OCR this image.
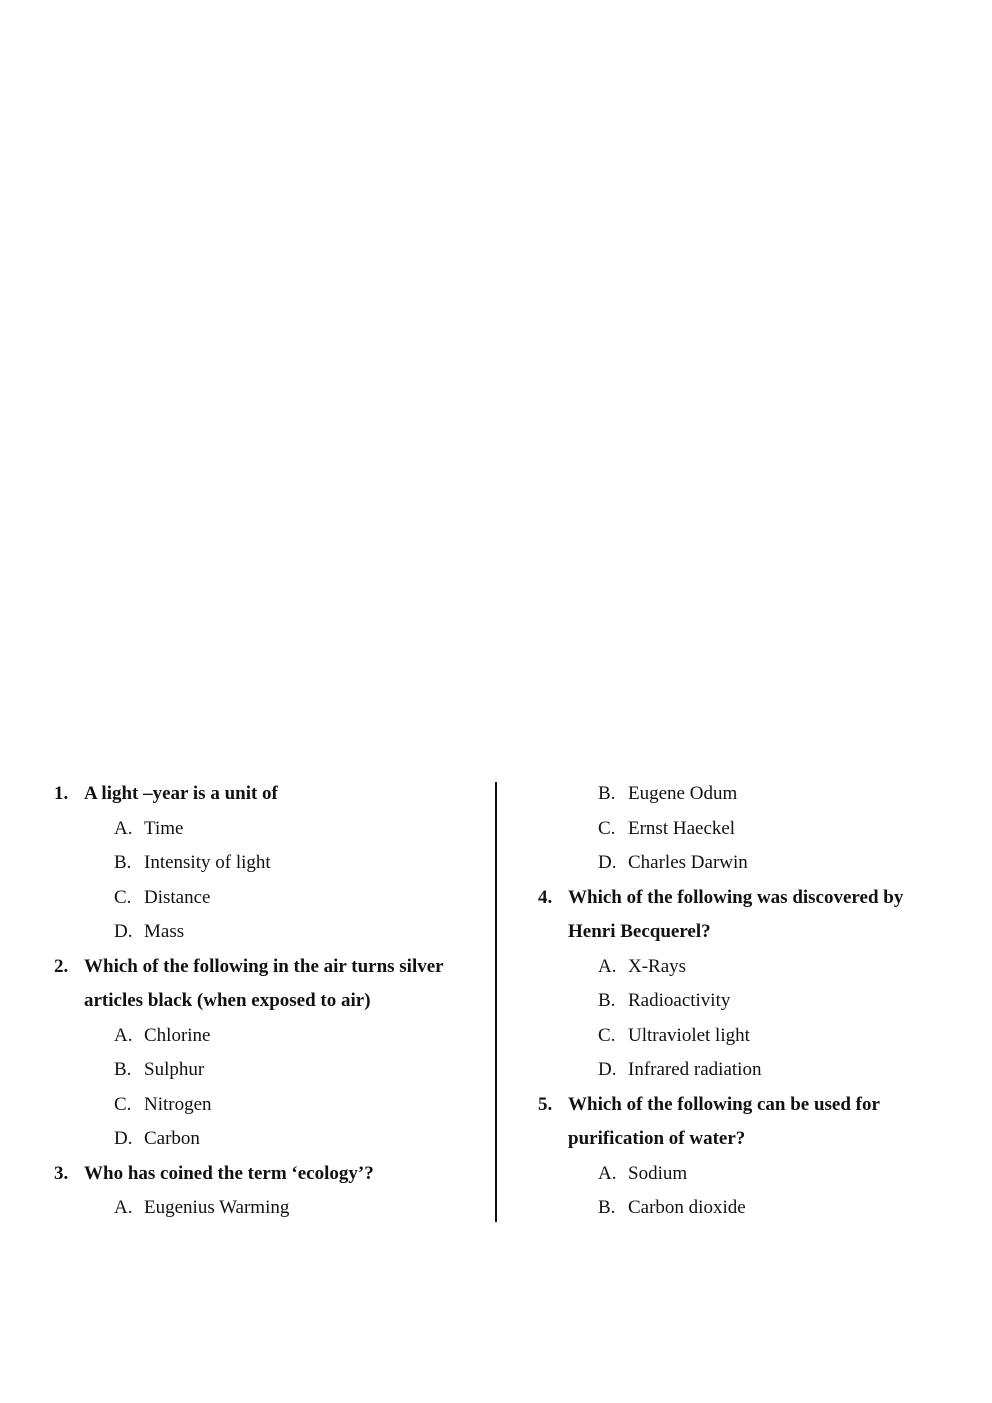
1. A light –year is a unit of
A. Time
B. Intensity of light
C. Distance
D. Mass
2. Which of the following in the air turns silver
articles black (when exposed to air)
A. Chlorine
B. Sulphur
C. Nitrogen
D. Carbon
3. Who has coined the term ‘ecology’?
A. Eugenius Warming
B. Eugene Odum
C. Ernst Haeckel
D. Charles Darwin
4. Which of the following was discovered by
Henri Becquerel?
A. X-Rays
B. Radioactivity
C. Ultraviolet light
D. Infrared radiation
5. Which of the following can be used for
purification of water?
A. Sodium
B. Carbon dioxide
